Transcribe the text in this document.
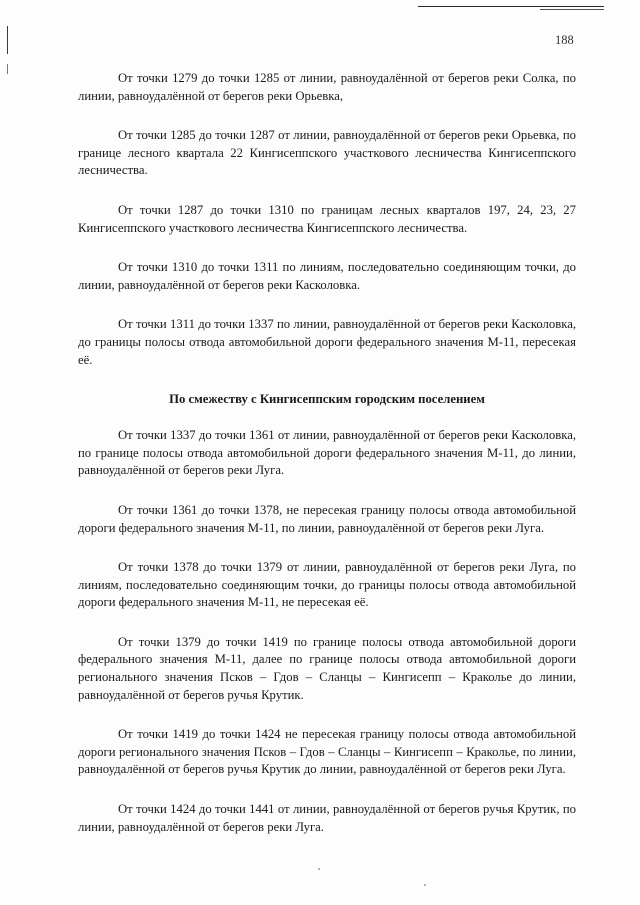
188

От точки 1279 до точки 1285 от линии, равноудалённой от берегов реки Солка, по линии, равноудалённой от берегов реки Орьевка,

От точки 1285 до точки 1287 от линии, равноудалённой от берегов реки Орьевка, по границе лесного квартала 22 Кингисеппского участкового лесничества Кингисеппского лесничества.

От точки 1287 до точки 1310 по границам лесных кварталов 197, 24, 23, 27 Кингисеппского участкового лесничества Кингисеппского лесничества.

От точки 1310 до точки 1311 по линиям, последовательно соединяющим точки, до линии, равноудалённой от берегов реки Касколовка.

От точки 1311 до точки 1337 по линии, равноудалённой от берегов реки Касколовка, до границы полосы отвода автомобильной дороги федерального значения М-11, пересекая её.

По смежеству с Кингисеппским городским поселением

От точки 1337 до точки 1361 от линии, равноудалённой от берегов реки Касколовка, по границе полосы отвода автомобильной дороги федерального значения М-11, до линии, равноудалённой от берегов реки Луга.

От точки 1361 до точки 1378, не пересекая границу полосы отвода автомобильной дороги федерального значения М-11, по линии, равноудалённой от берегов реки Луга.

От точки 1378 до точки 1379 от линии, равноудалённой от берегов реки Луга, по линиям, последовательно соединяющим точки, до границы полосы отвода автомобильной дороги федерального значения М-11, не пересекая её.

От точки 1379 до точки 1419 по границе полосы отвода автомобильной дороги федерального значения М-11, далее по границе полосы отвода автомобильной дороги регионального значения Псков – Гдов – Сланцы – Кингисепп – Краколье до линии, равноудалённой от берегов ручья Крутик.

От точки 1419 до точки 1424 не пересекая границу полосы отвода автомобильной дороги регионального значения Псков – Гдов – Сланцы – Кингисепп – Краколье, по линии, равноудалённой от берегов ручья Крутик до линии, равноудалённой от берегов реки Луга.

От точки 1424 до точки 1441 от линии, равноудалённой от берегов ручья Крутик, по линии, равноудалённой от берегов реки Луга.
